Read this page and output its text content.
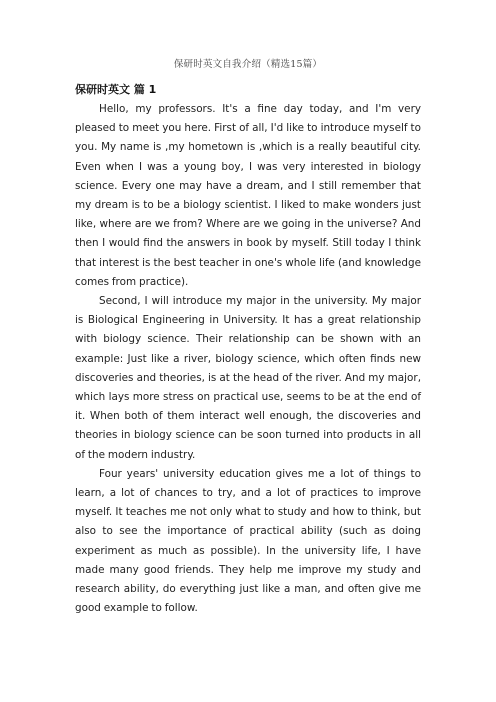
保研时英文自我介绍（精选15篇）

保研时英文 篇 1

Hello, my professors. It's a fine day today, and I'm very pleased to meet you here. First of all, I'd like to introduce myself to you. My name is ,my hometown is ,which is a really beautiful city. Even when I was a young boy, I was very interested in biology science. Every one may have a dream, and I still remember that my dream is to be a biology scientist. I liked to make wonders just like, where are we from? Where are we going in the universe? And then I would find the answers in book by myself. Still today I think that interest is the best teacher in one's whole life (and knowledge comes from practice).

Second, I will introduce my major in the university. My major is Biological Engineering in University. It has a great relationship with biology science. Their relationship can be shown with an example: Just like a river, biology science, which often finds new discoveries and theories, is at the head of the river. And my major, which lays more stress on practical use, seems to be at the end of it. When both of them interact well enough, the discoveries and theories in biology science can be soon turned into products in all of the modern industry.

Four years' university education gives me a lot of things to learn, a lot of chances to try, and a lot of practices to improve myself. It teaches me not only what to study and how to think, but also to see the importance of practical ability (such as doing experiment as much as possible). In the university life, I have made many good friends. They help me improve my study and research ability, do everything just like a man, and often give me good example to follow.
